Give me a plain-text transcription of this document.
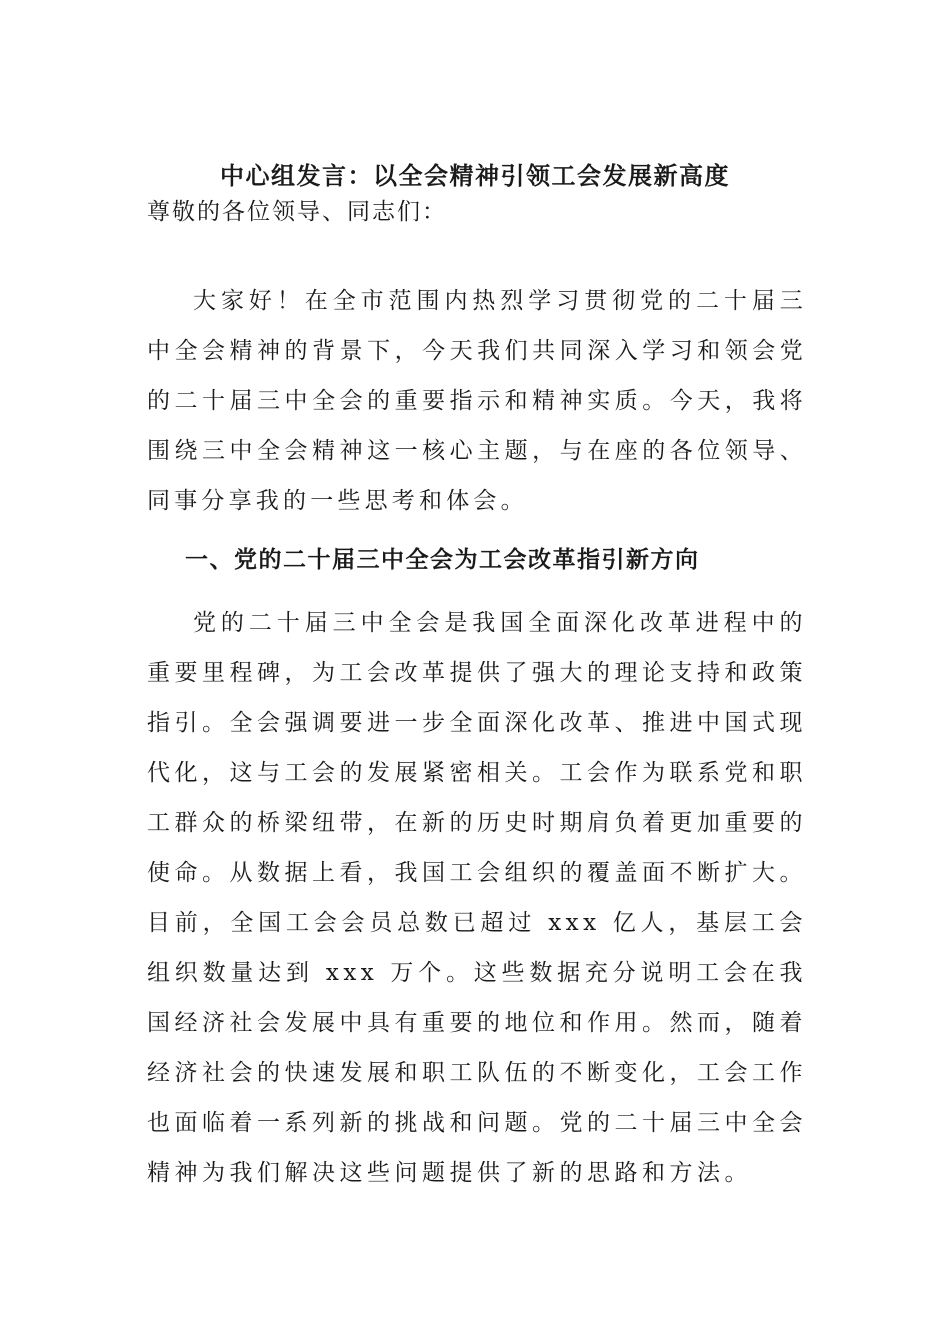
中心组发言：以全会精神引领工会发展新高度
尊敬的各位领导、同志们：

大家好！在全市范围内热烈学习贯彻党的二十届三中全会精神的背景下，今天我们共同深入学习和领会党的二十届三中全会的重要指示和精神实质。今天，我将围绕三中全会精神这一核心主题，与在座的各位领导、同事分享我的一些思考和体会。

一、党的二十届三中全会为工会改革指引新方向

党的二十届三中全会是我国全面深化改革进程中的重要里程碑，为工会改革提供了强大的理论支持和政策指引。全会强调要进一步全面深化改革、推进中国式现代化，这与工会的发展紧密相关。工会作为联系党和职工群众的桥梁纽带，在新的历史时期肩负着更加重要的使命。从数据上看，我国工会组织的覆盖面不断扩大。目前，全国工会会员总数已超过 xxx 亿人，基层工会组织数量达到 xxx 万个。这些数据充分说明工会在我国经济社会发展中具有重要的地位和作用。然而，随着经济社会的快速发展和职工队伍的不断变化，工会工作也面临着一系列新的挑战和问题。党的二十届三中全会精神为我们解决这些问题提供了新的思路和方法。
